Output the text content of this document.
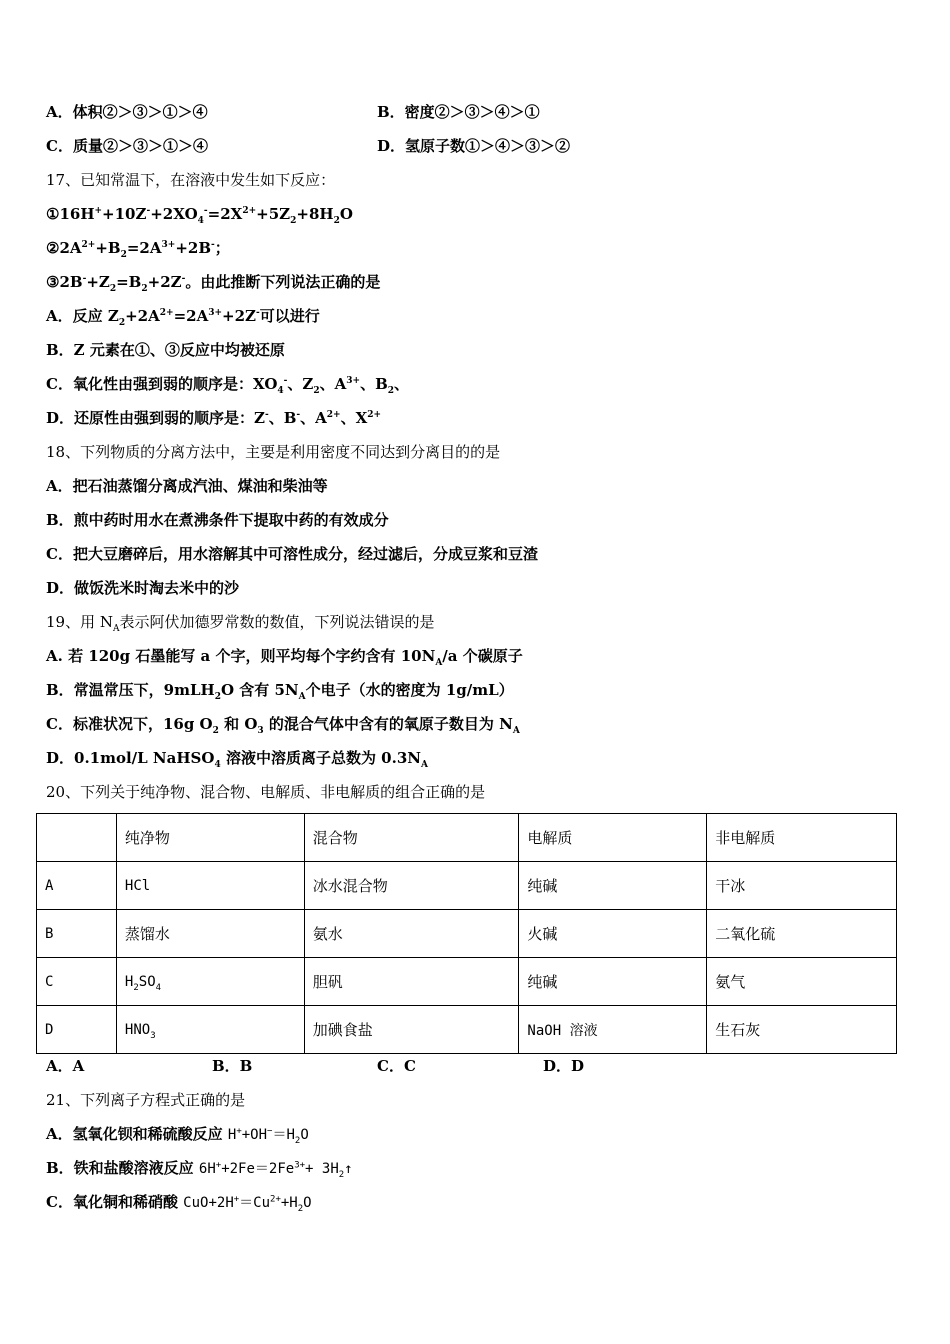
A．体积②＞③＞①＞④	B．密度②＞③＞④＞①
C．质量②＞③＞①＞④	D．氢原子数①＞④＞③＞②
17、已知常温下，在溶液中发生如下反应：
$①16H^++10Z^-+2XO_4^-=2X^{2+}+5Z_2+8H_2O$
$②2A^{2+}+B_2=2A^{3+}+2B^-$；
$③2B^-+Z_2=B_2+2Z^-$。由此推断下列说法正确的是
A．反应 $Z_2+2A^{2+}=2A^{3+}+2Z^-$可以进行
B．Z 元素在①、③反应中均被还原
C．氧化性由强到弱的顺序是：$XO_4^-$、$Z_2$、$A^{3+}$、$B_2$、
D．还原性由强到弱的顺序是：Z-、B-、$A^{2+}$、$X^{2+}$
18、下列物质的分离方法中，主要是利用密度不同达到分离目的的是
A．把石油蒸馏分离成汽油、煤油和柴油等
B．煎中药时用水在煮沸条件下提取中药的有效成分
C．把大豆磨碎后，用水溶解其中可溶性成分，经过滤后，分成豆浆和豆渣
D．做饭洗米时淘去米中的沙
19、用 $N_A$表示阿伏加德罗常数的数值，下列说法错误的是
A. 若 120g 石墨能写 a 个字，则平均每个字约含有 $10N_A/a$ 个碳原子
B．常温常压下，9mLH$_2$O 含有 $5N_A$个电子（水的密度为 1g/mL）
C．标准状况下，16g $O_2$ 和 $O_3$ 的混合气体中含有的氧原子数目为 $N_A$
D．0.1mol/L NaHSO$_4$ 溶液中溶质离子总数为 $0.3N_A$
20、下列关于纯净物、混合物、电解质、非电解质的组合正确的是
	纯净物	混合物	电解质	非电解质
A	HCl	冰水混合物	纯碱	干冰
B	蒸馏水	氨水	火碱	二氧化硫
C	$H_2SO_4$	胆矾	纯碱	氨气
D	$HNO_3$	加碘食盐	NaOH 溶液	生石灰
A．A	B．B	C．C	D．D
21、下列离子方程式正确的是
A．氢氧化钡和稀硫酸反应 $H^++OH^-=H_2O$
B．铁和盐酸溶液反应 $6H^++2Fe=2Fe^{3+}+$ $3H_2↑$
C．氧化铜和稀硝酸 $CuO+2H^+=Cu^{2+}+H_2O$
